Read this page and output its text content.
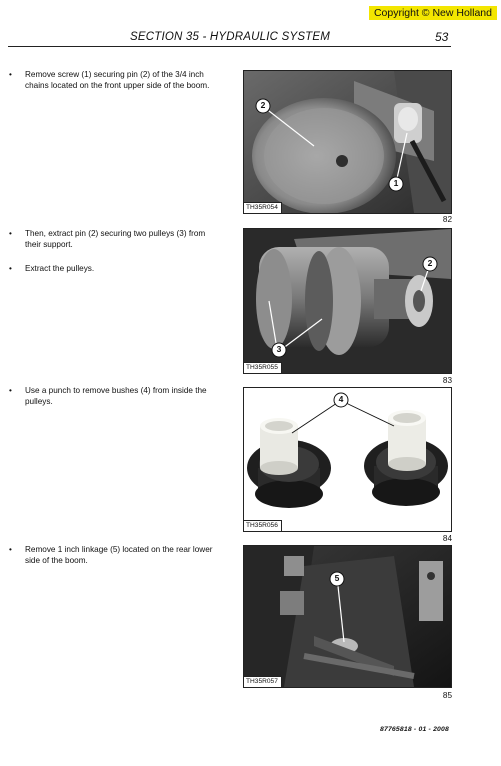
Copyright © New Holland
SECTION 35 - HYDRAULIC SYSTEM	53
• Remove screw (1) securing pin (2) of the 3/4 inch chains located on the front upper side of the boom.
• Then, extract pin (2) securing two pulleys (3) from their support.
• Extract the pulleys.
• Use a punch to remove bushes (4) from inside the pulleys.
• Remove 1 inch linkage (5) located on the rear lower side of the boom.
2
1
TH35R054
82
2
3
TH35R055
83
4
TH35R056
84
5
TH35R057
85
87765818 - 01 - 2008
